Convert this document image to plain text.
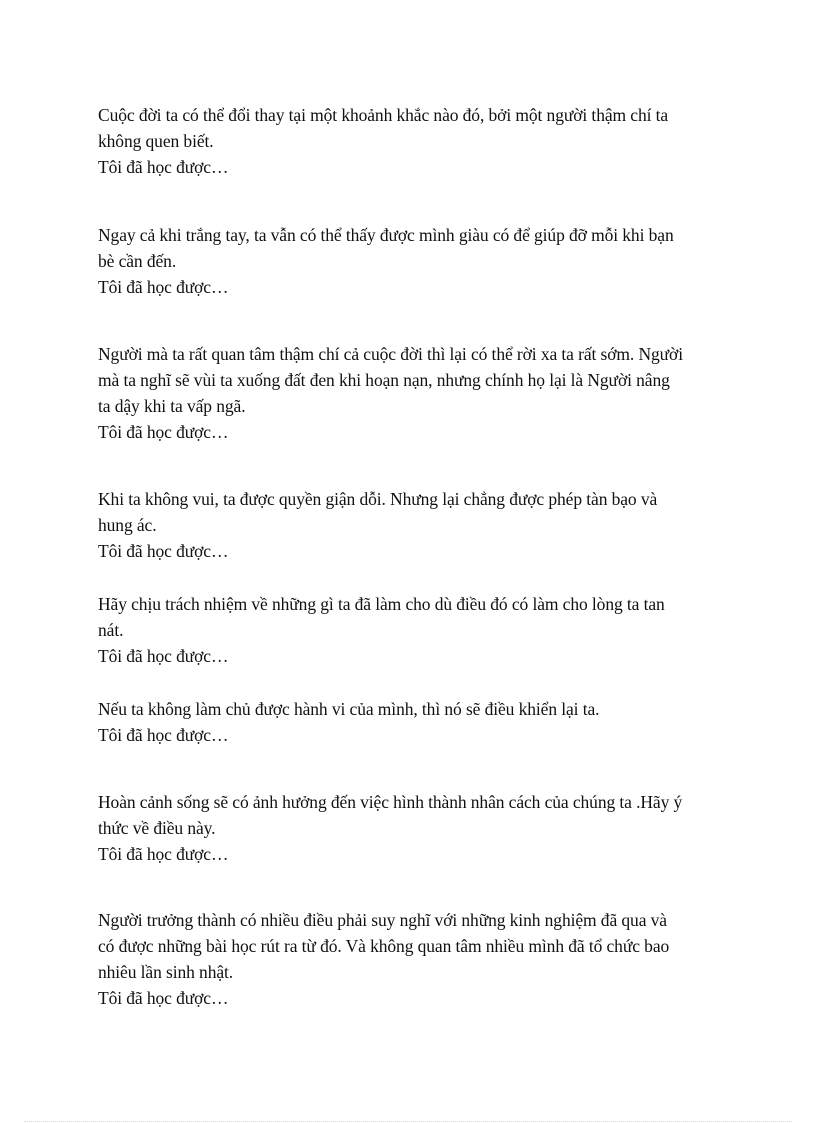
Cuộc đời ta có thể đổi thay tại một khoảnh khắc nào đó, bởi một người thậm chí ta
không quen biết.
Tôi đã học được…
Ngay cả khi trắng tay, ta vẫn có thể thấy được mình giàu có để giúp đỡ mỗi khi bạn
bè cần đến.
Tôi đã học được…
Người mà ta rất quan tâm thậm chí cả cuộc đời thì lại có thể rời xa ta rất sớm. Người
mà ta nghĩ sẽ vùi ta xuống đất đen khi hoạn nạn, nhưng chính họ lại là Người nâng
ta dậy khi ta vấp ngã.
Tôi đã học được…
Khi ta không vui, ta được quyền giận dỗi. Nhưng lại chẳng được phép tàn bạo và
hung ác.
Tôi đã học được…
Hãy chịu trách nhiệm về những gì ta đã làm cho dù điều đó có làm cho lòng ta tan
nát.
Tôi đã học được…
Nếu ta không làm chủ được hành vi của mình, thì nó sẽ điều khiển lại ta.
Tôi đã học được…
Hoàn cảnh sống sẽ có ảnh hưởng đến việc hình thành nhân cách của chúng ta .Hãy ý
thức về điều này.
Tôi đã học được…
Người trưởng thành có nhiều điều phải suy nghĩ với những kinh nghiệm đã qua và
có được những bài học rút ra từ đó. Và không quan tâm nhiều mình đã tổ chức bao
nhiêu lần sinh nhật.
Tôi đã học được…
